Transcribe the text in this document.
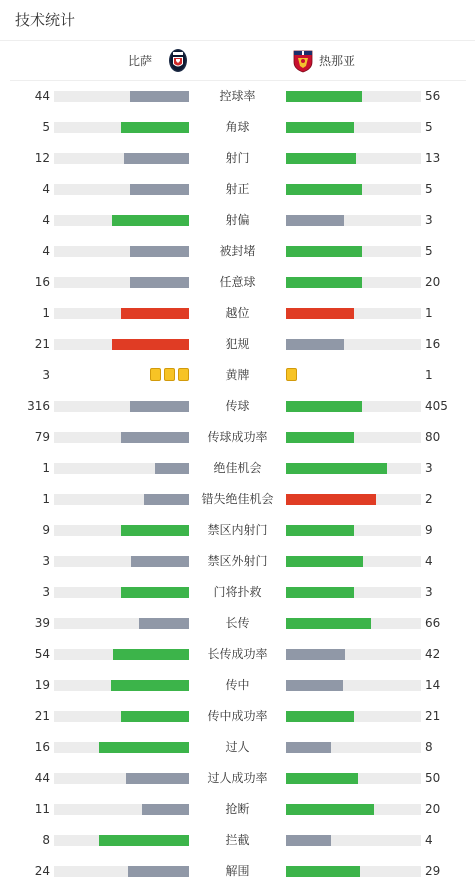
技术统计
比萨	热那亚
44	控球率	56
5	角球	5
12	射门	13
4	射正	5
4	射偏	3
4	被封堵	5
16	任意球	20
1	越位	1
21	犯规	16
3	黄牌	1
316	传球	405
79	传球成功率	80
1	绝佳机会	3
1	错失绝佳机会	2
9	禁区内射门	9
3	禁区外射门	4
3	门将扑救	3
39	长传	66
54	长传成功率	42
19	传中	14
21	传中成功率	21
16	过人	8
44	过人成功率	50
11	抢断	20
8	拦截	4
24	解围	29
